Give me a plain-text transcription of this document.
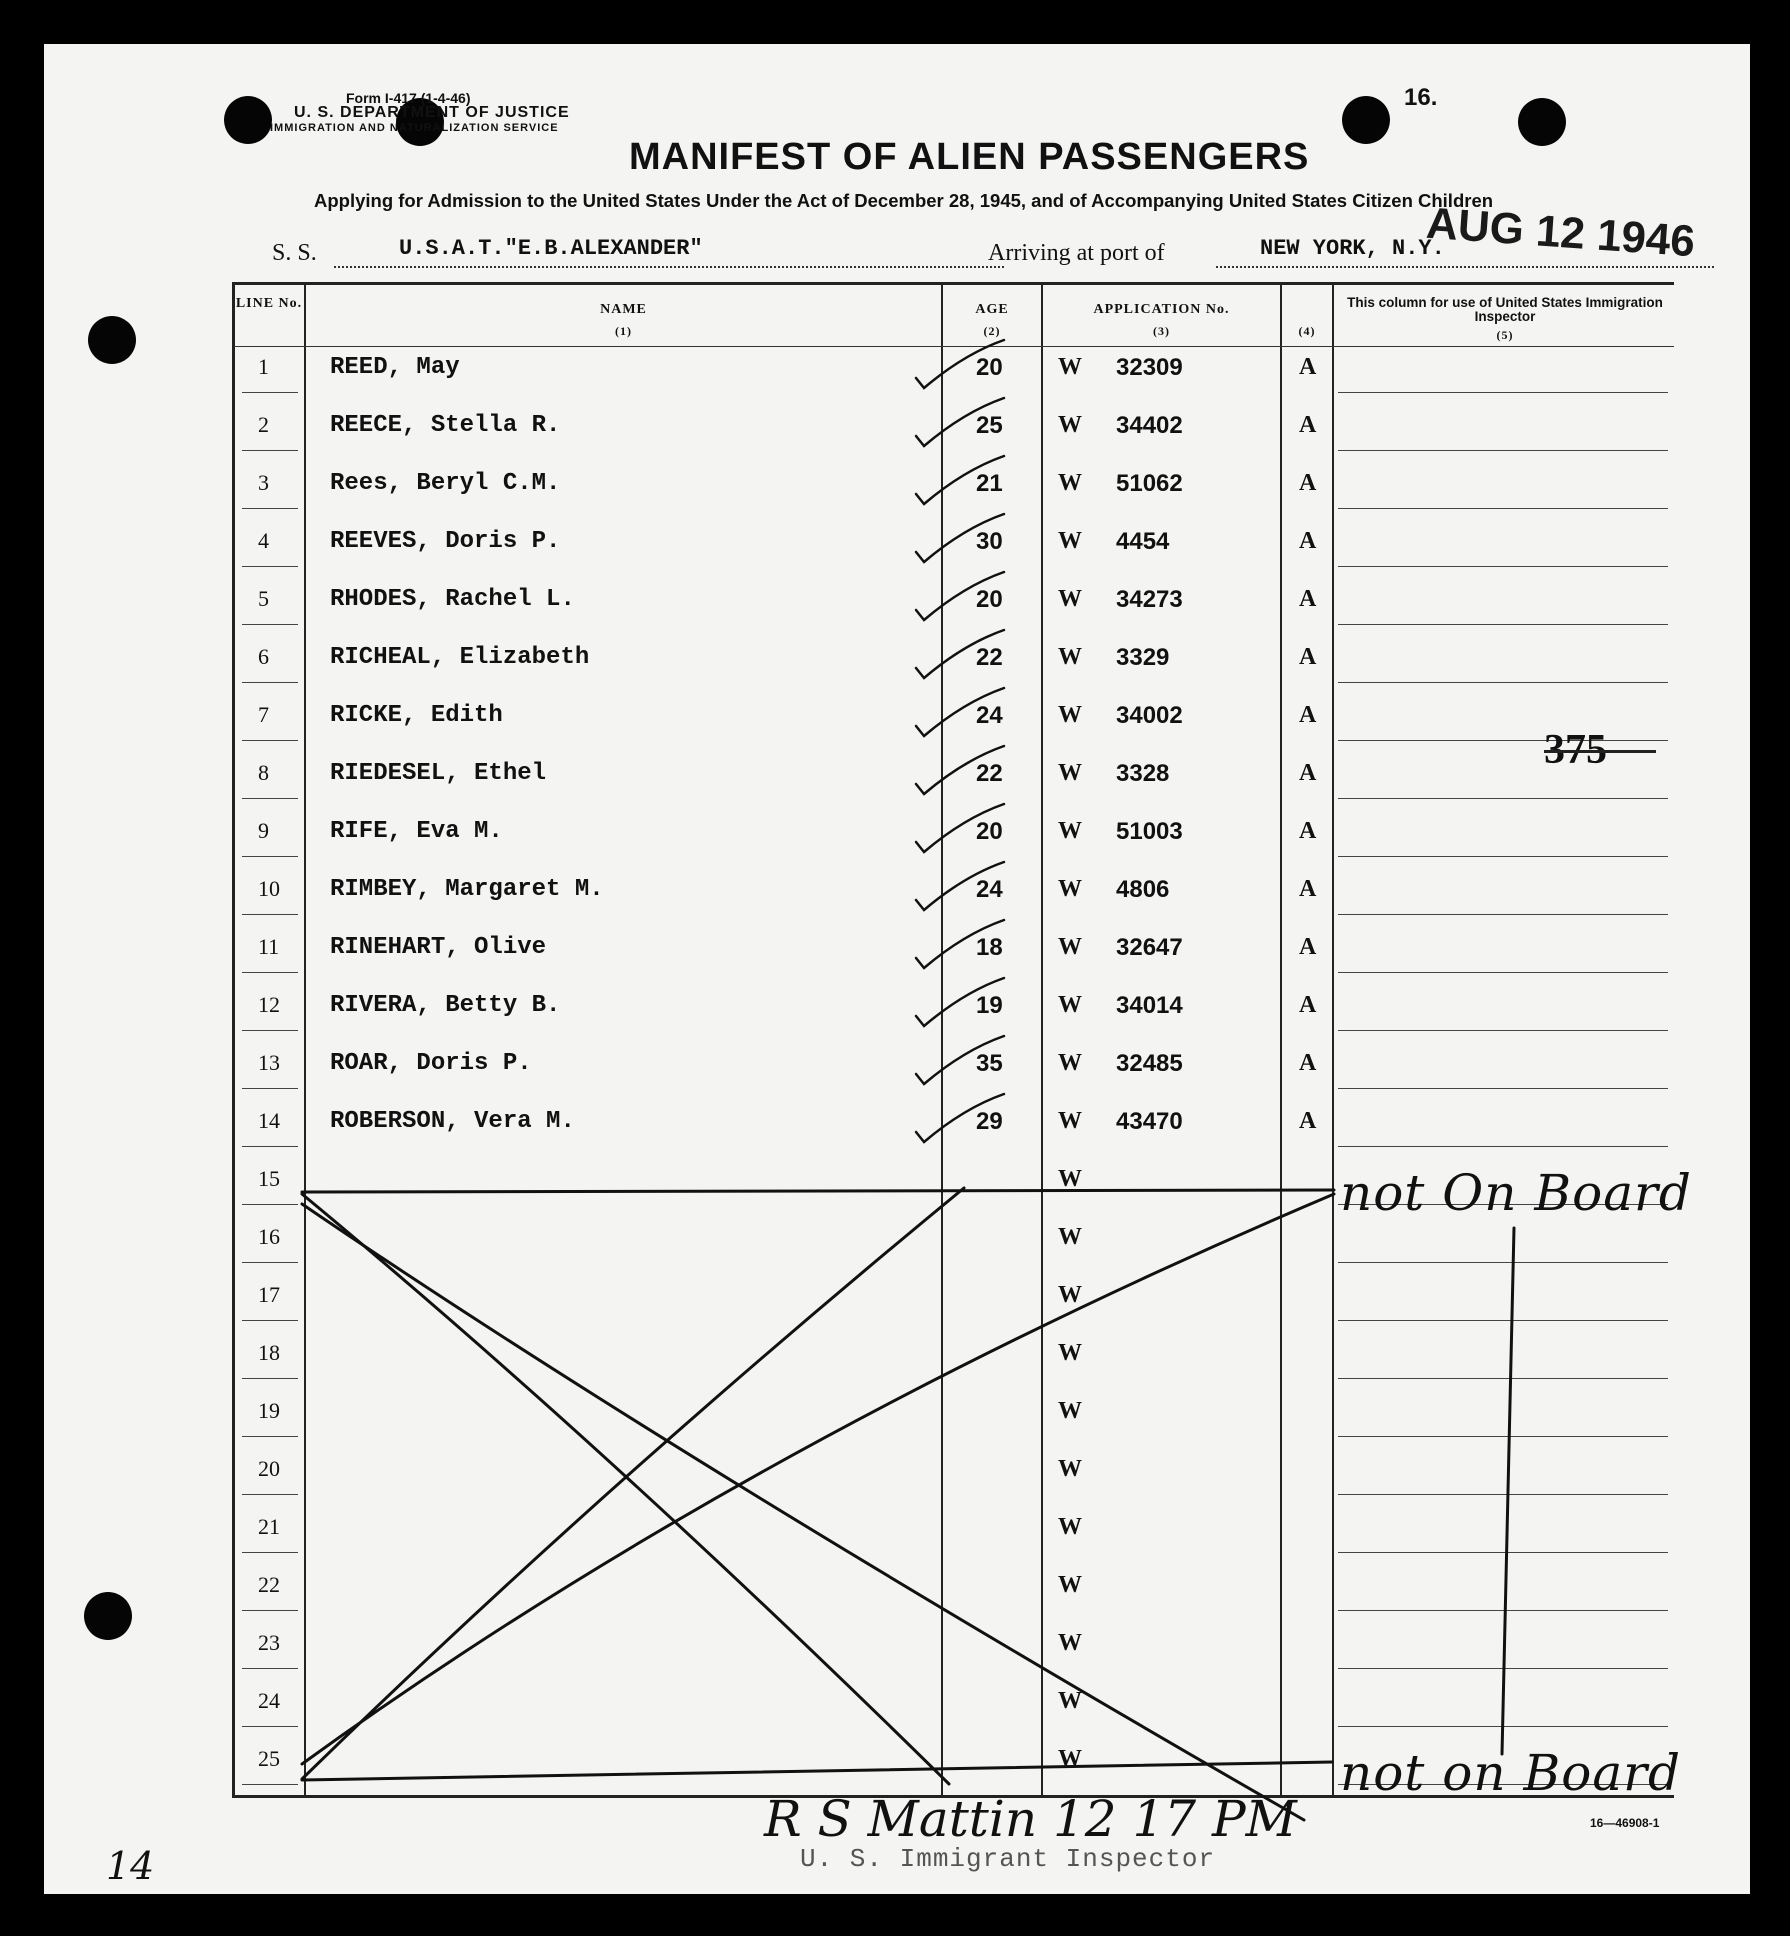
Form I-417 (1-4-46)
U. S. DEPARTMENT OF JUSTICE
IMMIGRATION AND NATURALIZATION SERVICE
16.
MANIFEST OF ALIEN PASSENGERS
Applying for Admission to the United States Under the Act of December 28, 1945, and of Accompanying United States Citizen Children
S. S.	U.S.A.T."E.B.ALEXANDER"	Arriving at port of	NEW YORK, N.Y.
AUG 12 1946
LINE No.	NAME
(1)
AGE
(2)
APPLICATION No.
(3)	(4)
This column for use of United States Immigration Inspector
(5)
1	REED, May	20 W 32309	A
2	REECE, Stella R.	25 W 34402	A
3	Rees, Beryl C.M.	21 W 51062	A
4	REEVES, Doris P.	30 W 4454	A
5	RHODES, Rachel L.	20 W 34273	A
6	RICHEAL, Elizabeth	22 W 3329	A
7	RICKE, Edith	24 W 34002	A
8	RIEDESEL, Ethel	22 W 3328	A
9	RIFE, Eva M.	20 W 51003	A
10 RIMBEY, Margaret M.	24 W 4806	A
11 RINEHART, Olive	18 W 32647	A
12 RIVERA, Betty B.	19 W 34014	A
13 ROAR, Doris P.	35 W 32485	A
14 ROBERSON, Vera M.	29 W 43470	A
15	W
16	W
17	W
18	W
19	W
20	W
21	W
22	W
23	W
24	W
25	W
375
not On Board
not on Board
R S Mattin 12 17 PM
14	U. S. Immigrant Inspector
16—46908-1
